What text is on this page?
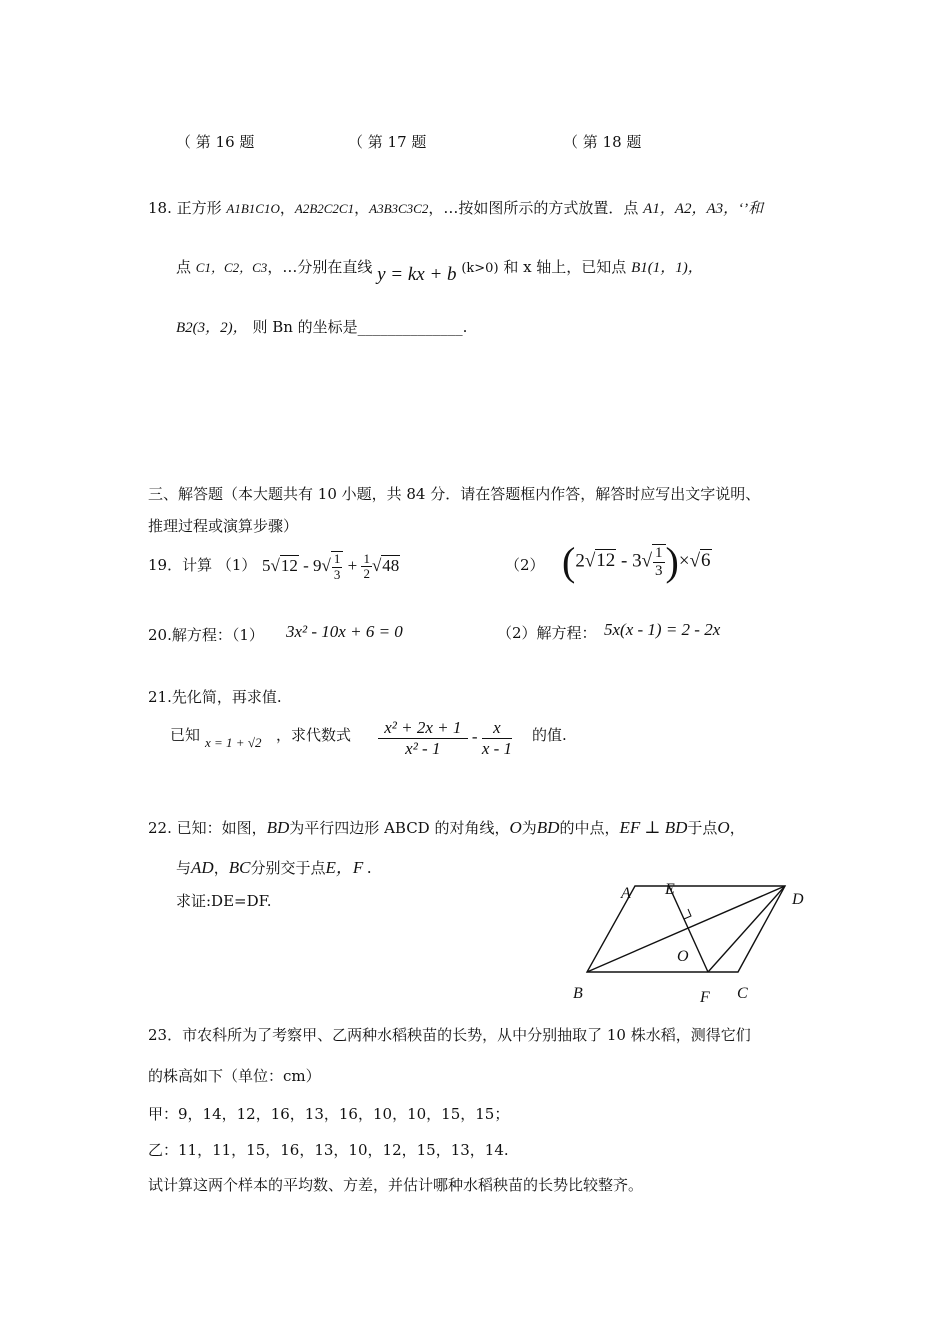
（ 第 16 题	（ 第 17 题	（ 第 18 题
18. 正方形 A1B1C1O，A2B2C2C1，A3B3C3C2，…按如图所示的方式放置．点 A1，A2，A3，‘’和
点 C1，C2，C3，…分别在直线 y = kx + b (k>0) 和 x 轴上，已知点 B1(1，1)，
B2(3，2)， 则 Bn 的坐标是______________.
三、解答题（本大题共有 10 小题，共 84 分．请在答题框内作答，解答时应写出文字说明、
推理过程或演算步骤）
19．计算 （1） $5√12 - 9√ \frac{1}{3} + \frac{1}{2} √48$	（2） $(2√12 - 3√ \frac{1}{3} )\times√6$
20.解方程：（1） 3x² - 10x + 6 = 0	（2）解方程： 5x(x - 1) = 2 - 2x
21.先化简，再求值.
已知 x = 1 + √2 ，求代数式 $\frac{\text{x² + 2x + 1}}{\text{x² - 1}} - \frac{x}{x - 1}$ 的值.
22. 已知：如图，BD为平行四边形 ABCD 的对角线，O为BD的中点，EF ⊥ BD于点O，
与AD，BC分别交于点E，F .
求证:DE=DF.	A E
D
O
B	F C
23．市农科所为了考察甲、乙两种水稻秧苗的长势，从中分别抽取了 10 株水稻，测得它们
的株高如下（单位：cm）
甲：9，14，12，16，13，16，10，10，15，15；
乙：11，11，15，16，13，10，12，15，13，14.
试计算这两个样本的平均数、方差，并估计哪种水稻秧苗的长势比较整齐。
